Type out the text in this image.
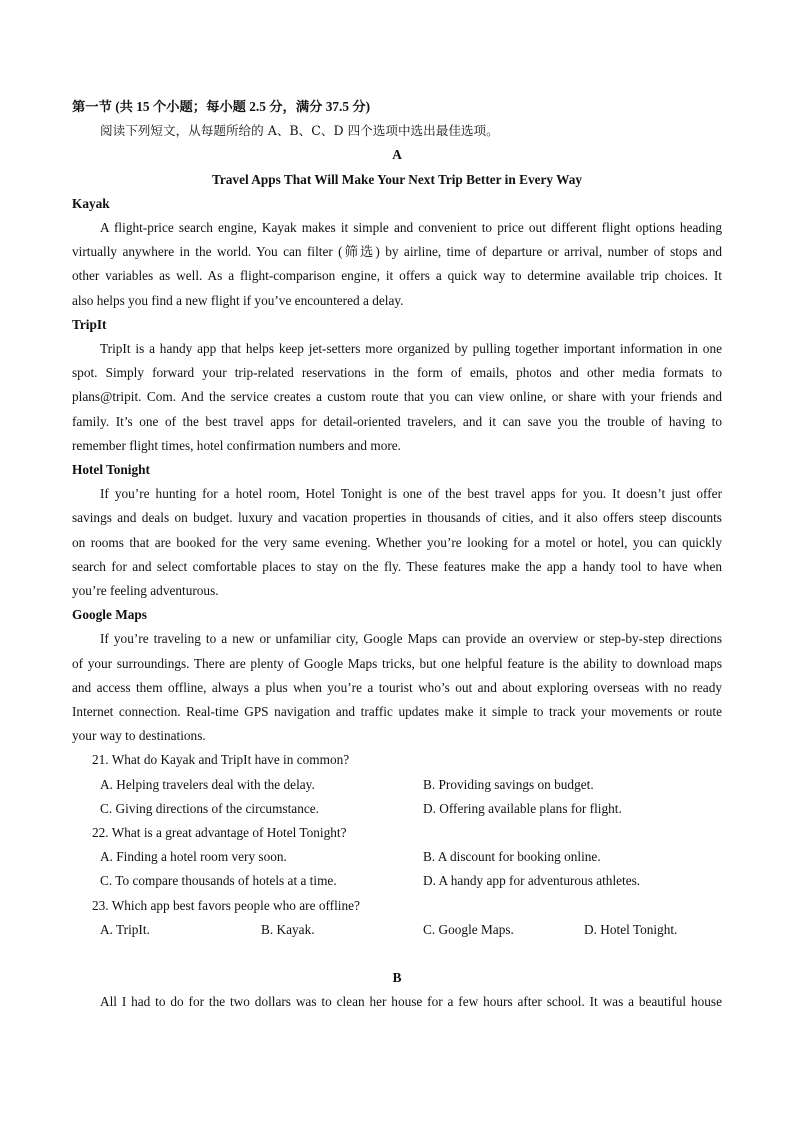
第一节 (共 15 个小题；每小题 2.5 分，满分 37.5 分)
阅读下列短文，从每题所给的 A、B、C、D 四个选项中选出最佳选项。
A
Travel Apps That Will Make Your Next Trip Better in Every Way
Kayak
A flight-price search engine, Kayak makes it simple and convenient to price out different flight options heading
virtually anywhere in the world. You can filter (筛选) by airline, time of departure or arrival, number of stops and
other variables as well. As a flight-comparison engine, it offers a quick way to determine available trip choices. It
also helps you find a new flight if you’ve encountered a delay.
TripIt
TripIt is a handy app that helps keep jet-setters more organized by pulling together important information in one
spot. Simply forward your trip-related reservations in the form of emails, photos and other media formats to
plans@tripit. Com. And the service creates a custom route that you can view online, or share with your friends and
family. It’s one of the best travel apps for detail-oriented travelers, and it can save you the trouble of having to
remember flight times, hotel confirmation numbers and more.
Hotel Tonight
If you’re hunting for a hotel room, Hotel Tonight is one of the best travel apps for you. It doesn’t just offer
savings and deals on budget. luxury and vacation properties in thousands of cities, and it also offers steep discounts
on rooms that are booked for the very same evening. Whether you’re looking for a motel or hotel, you can quickly
search for and select comfortable places to stay on the fly. These features make the app a handy tool to have when
you’re feeling adventurous.
Google Maps
If you’re traveling to a new or unfamiliar city, Google Maps can provide an overview or step-by-step directions
of your surroundings. There are plenty of Google Maps tricks, but one helpful feature is the ability to download maps
and access them offline, always a plus when you’re a tourist who’s out and about exploring overseas with no ready
Internet connection. Real-time GPS navigation and traffic updates make it simple to track your movements or route
your way to destinations.
21. What do Kayak and TripIt have in common?
A. Helping travelers deal with the delay.	B. Providing savings on budget.
C. Giving directions of the circumstance.	D. Offering available plans for flight.
22. What is a great advantage of Hotel Tonight?
A. Finding a hotel room very soon.	B. A discount for booking online.
C. To compare thousands of hotels at a time.	D. A handy app for adventurous athletes.
23. Which app best favors people who are offline?
A. TripIt.	B. Kayak.	C. Google Maps.	D. Hotel Tonight.
B
All I had to do for the two dollars was to clean her house for a few hours after school. It was a beautiful house
